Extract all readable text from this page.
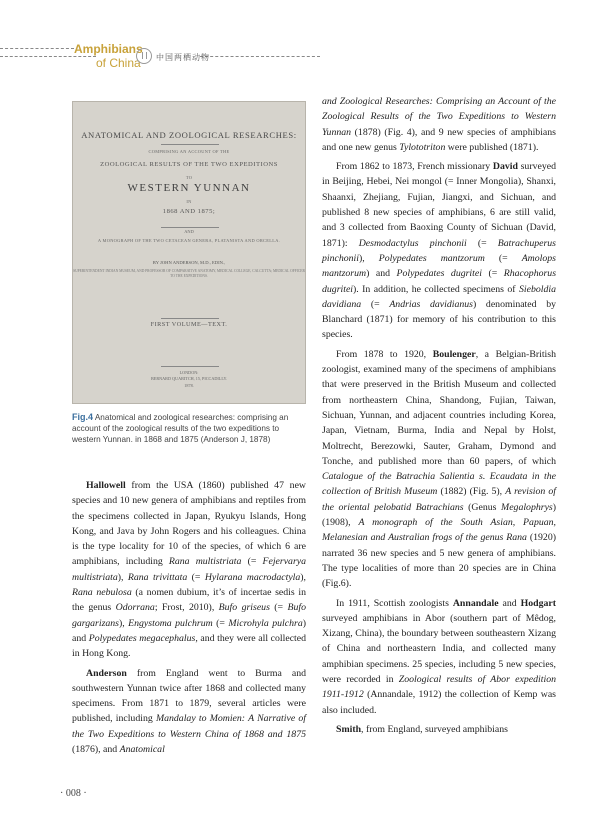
Amphibians
of China 中国两栖动物
ANATOMICAL AND ZOOLOGICAL RESEARCHES:
COMPRISING AN ACCOUNT OF THE
ZOOLOGICAL RESULTS OF THE TWO EXPEDITIONS
TO
WESTERN YUNNAN
IN
1868 AND 1875;
AND
A MONOGRAPH OF THE TWO CETACEAN GENERA, PLATANISTA AND ORCELLA.
BY JOHN ANDERSON, M.D., EDIN.,
SUPERINTENDENT INDIAN MUSEUM, AND PROFESSOR OF COMPARATIVE ANATOMY, MEDICAL COLLEGE, CALCUTTA; MEDICAL OFFICER TO THE EXPEDITIONS.
FIRST VOLUME—TEXT.
LONDON:
BERNARD QUARITCH, 15, PICCADILLY.
1878.
Fig.4 Anatomical and zoological researches: comprising an account of the zoological results of the two expeditions to western Yunnan. in 1868 and 1875 (Anderson J, 1878)

Hallowell from the USA (1860) published 47 new species and 10 new genera of amphibians and reptiles from the specimens collected in Japan, Ryukyu Islands, Hong Kong, and Java by John Rogers and his colleagues. China is the type locality for 10 of the species, of which 6 are amphibians, including Rana multistriata (= Fejervarya multistriata), Rana trivittata (= Hylarana macrodactyla), Rana nebulosa (a nomen dubium, it’s of incertae sedis in the genus Odorrana; Frost, 2010), Bufo griseus (= Bufo gargarizans), Engystoma pulchrum (= Microhyla pulchra) and Polypedates megacephalus, and they were all collected in Hong Kong.

Anderson from England went to Burma and southwestern Yunnan twice after 1868 and collected many specimens. From 1871 to 1879, several articles were published, including Mandalay to Momien: A Narrative of the Two Expeditions to Western China of 1868 and 1875 (1876), and Anatomical

and Zoological Researches: Comprising an Account of the Zoological Results of the Two Expeditions to Western Yunnan (1878) (Fig. 4), and 9 new species of amphibians and one new genus Tylototriton were published (1871).

From 1862 to 1873, French missionary David surveyed in Beijing, Hebei, Nei mongol (= Inner Mongolia), Shanxi, Shaanxi, Zhejiang, Fujian, Jiangxi, and Sichuan, and published 8 new species of amphibians, 6 are still valid, and 3 collected from Baoxing County of Sichuan (David, 1871): Desmodactylus pinchonii (= Batrachuperus pinchonii), Polypedates mantzorum (= Amolops mantzorum) and Polypedates dugritei (= Rhacophorus dugritei). In addition, he collected specimens of Sieboldia davidiana (= Andrias davidianus) denominated by Blanchard (1871) for memory of his contribution to this species.

From 1878 to 1920, Boulenger, a Belgian-British zoologist, examined many of the specimens of amphibians that were preserved in the British Museum and collected from northeastern China, Shandong, Fujian, Taiwan, Sichuan, Yunnan, and adjacent countries including Korea, Japan, Vietnam, Burma, India and Nepal by Holst, Moltrecht, Berezowki, Sauter, Graham, Dymond and Tonche, and published more than 60 papers, of which Catalogue of the Batrachia Salientia s. Ecaudata in the collection of British Museum (1882) (Fig. 5), A revision of the oriental pelobatid Batrachians (Genus Megalophrys) (1908), A monograph of the South Asian, Papuan, Melanesian and Australian frogs of the genus Rana (1920) narrated 36 new species and 5 new genera of amphibians. The type localities of more than 20 species are in China (Fig.6).

In 1911, Scottish zoologists Annandale and Hodgart surveyed amphibians in Abor (southern part of Mêdog, Xizang, China), the boundary between southeastern Xizang of China and northeastern India, and collected many amphibian specimens. 25 species, including 5 new species, were recorded in Zoological results of Abor expedition 1911-1912 (Annandale, 1912) the collection of Kemp was also included.

Smith, from England, surveyed amphibians

· 008 ·
